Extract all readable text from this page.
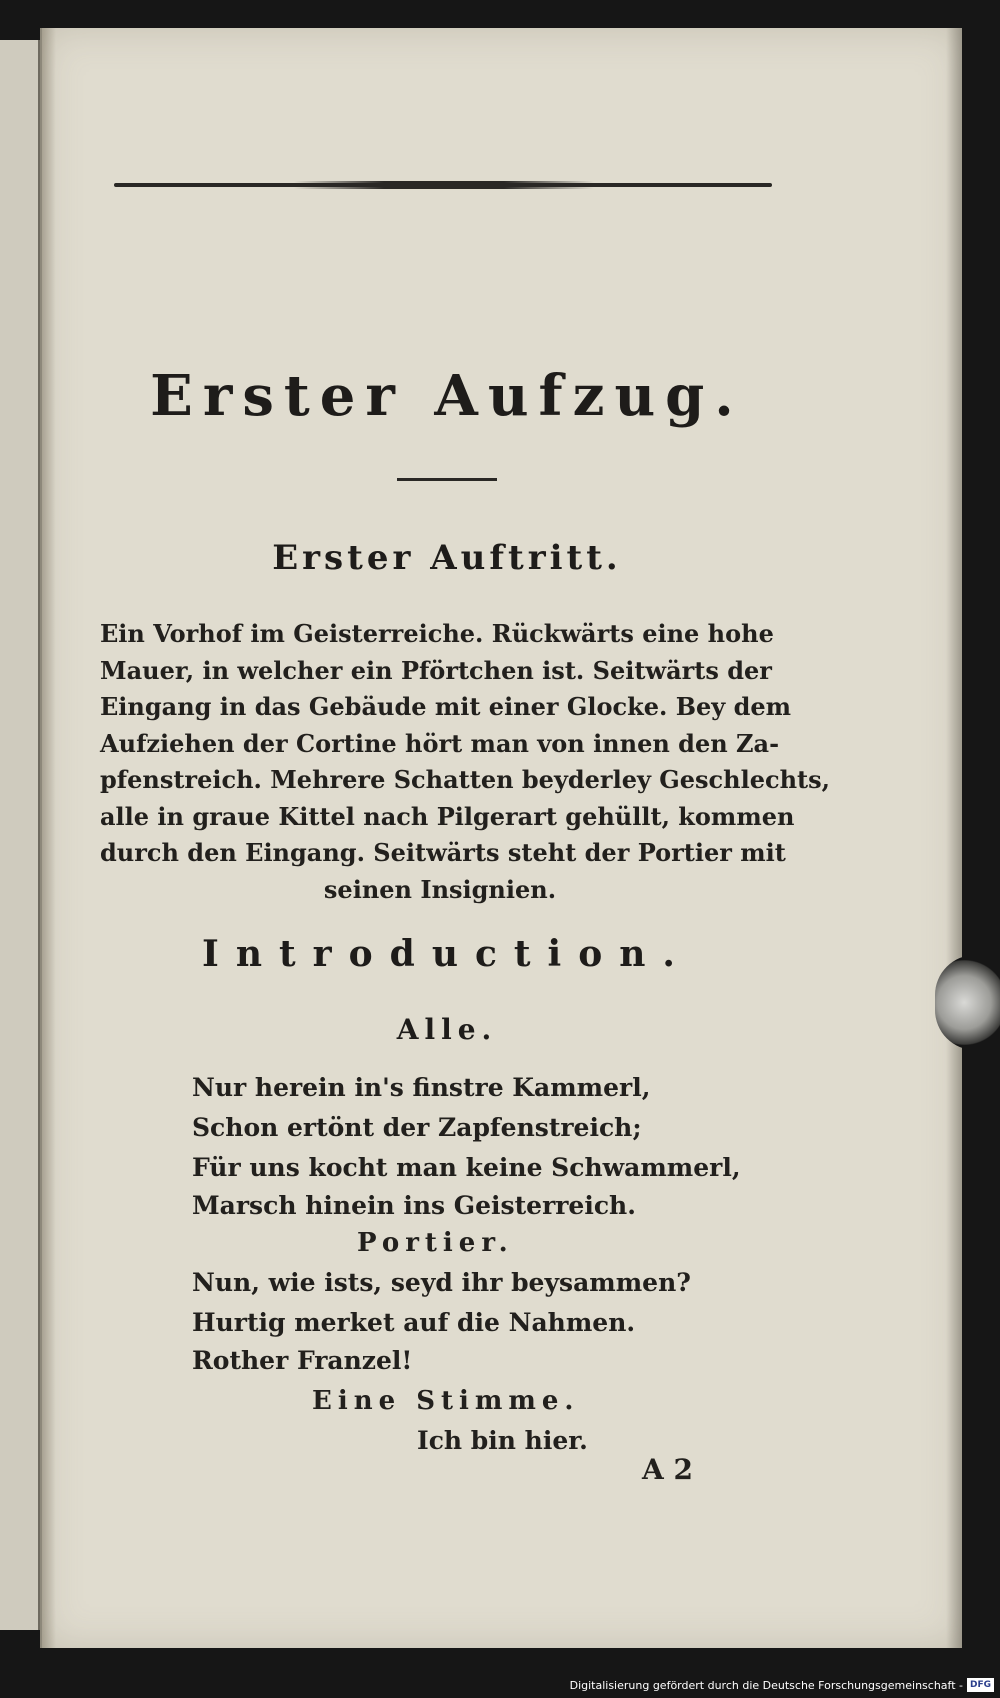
Erster Aufzug.
Erster Auftritt.
Ein Vorhof im Geisterreiche. Rückwärts eine hohe
Mauer, in welcher ein Pförtchen ist. Seitwärts der
Eingang in das Gebäude mit einer Glocke. Bey dem
Aufziehen der Cortine hört man von innen den Za-
pfenstreich. Mehrere Schatten beyderley Geschlechts,
alle in graue Kittel nach Pilgerart gehüllt, kommen
durch den Eingang. Seitwärts steht der Portier mit
seinen Insignien.
Introduction.
Alle.
Nur herein in's finstre Kammerl,
Schon ertönt der Zapfenstreich;
Für uns kocht man keine Schwammerl,
Marsch hinein ins Geisterreich.
Portier.
Nun, wie ists, seyd ihr beysammen?
Hurtig merket auf die Nahmen.
Rother Franzel!
Eine Stimme.
Ich bin hier.
A 2
Digitalisierung gefördert durch die Deutsche Forschungsgemeinschaft - DFG
